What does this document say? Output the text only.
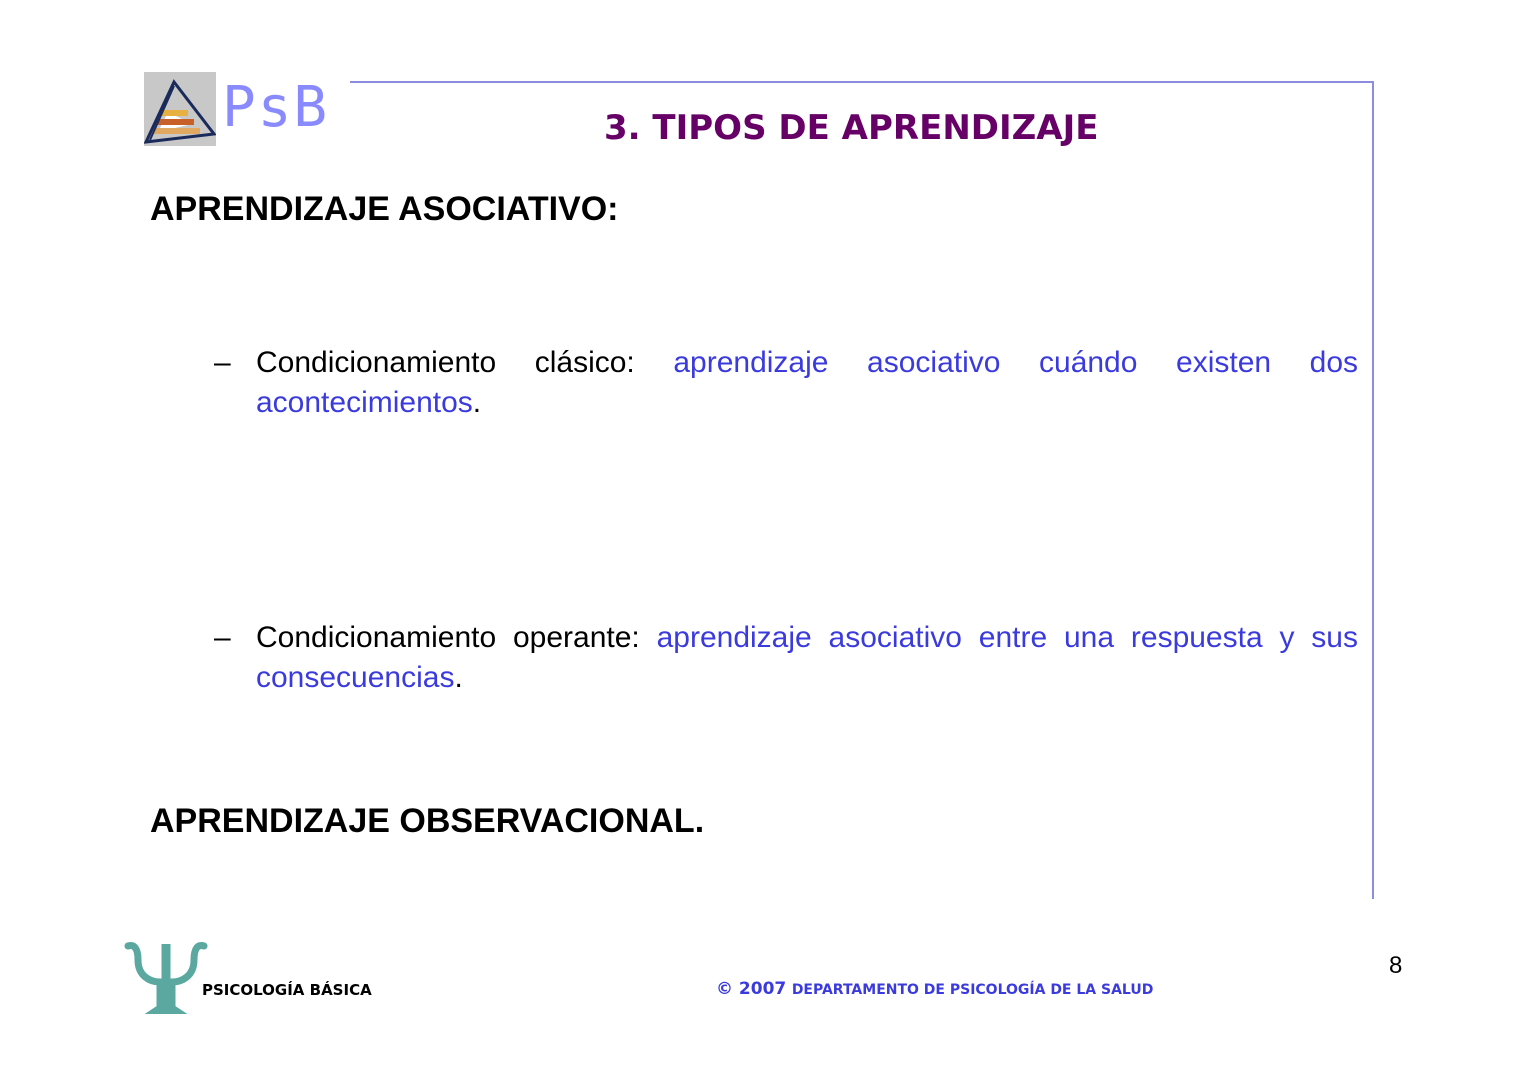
PsB	3. TIPOS DE APRENDIZAJE
APRENDIZAJE ASOCIATIVO:
– Condicionamiento clásico: aprendizaje asociativo cuándo existen dos acontecimientos.
– Condicionamiento operante: aprendizaje asociativo entre una respuesta y sus consecuencias.
APRENDIZAJE OBSERVACIONAL.
PSICOLOGÍA BÁSICA	© 2007 DEPARTAMENTO DE PSICOLOGÍA DE LA SALUD
8
